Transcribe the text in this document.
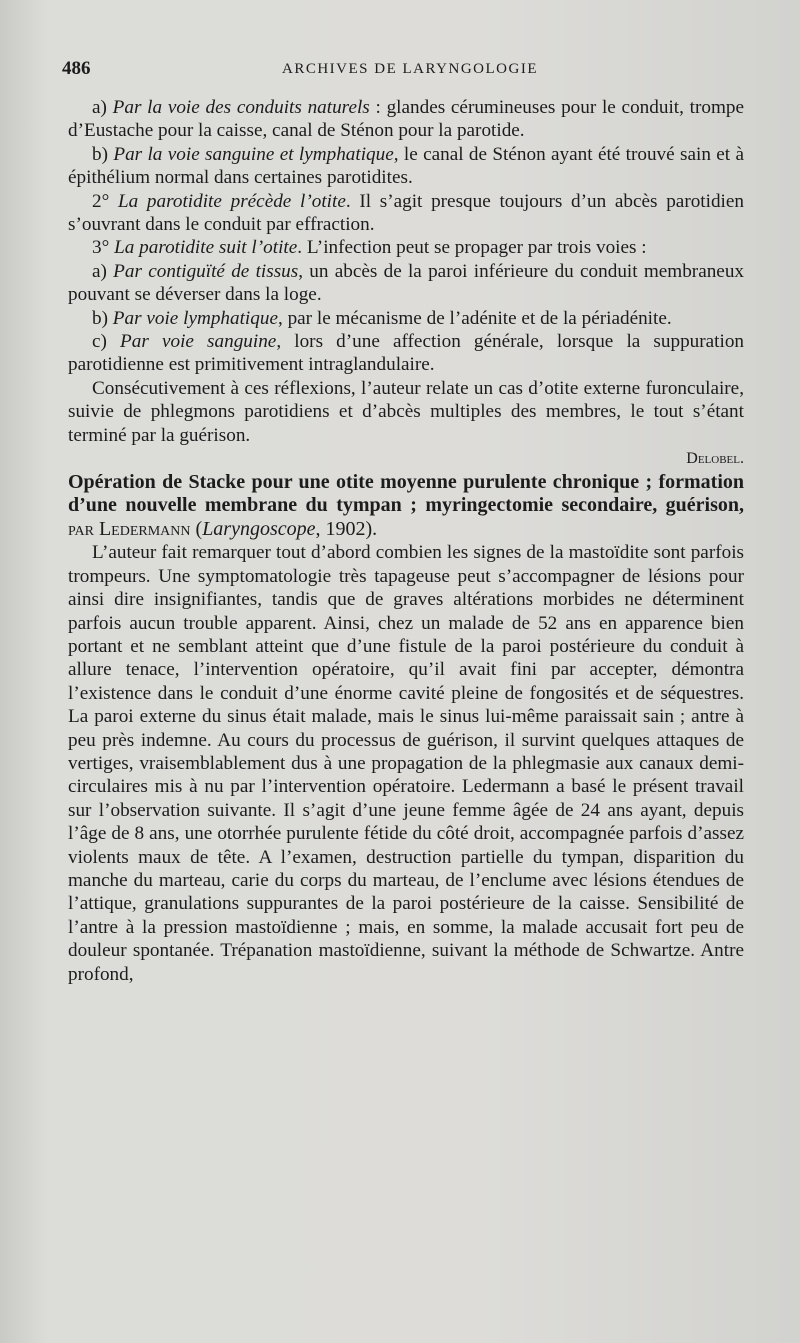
486	ARCHIVES DE LARYNGOLOGIE

a) Par la voie des conduits naturels : glandes cérumineuses pour le conduit, trompe d’Eustache pour la caisse, canal de Sténon pour la parotide.

b) Par la voie sanguine et lymphatique, le canal de Sténon ayant été trouvé sain et à épithélium normal dans certaines parotidites.

2° La parotidite précède l’otite. Il s’agit presque toujours d’un abcès parotidien s’ouvrant dans le conduit par effraction.

3° La parotidite suit l’otite. L’infection peut se propager par trois voies :

a) Par contiguïté de tissus, un abcès de la paroi inférieure du conduit membraneux pouvant se déverser dans la loge.

b) Par voie lymphatique, par le mécanisme de l’adénite et de la périadénite.

c) Par voie sanguine, lors d’une affection générale, lorsque la suppuration parotidienne est primitivement intraglandulaire.

Consécutivement à ces réflexions, l’auteur relate un cas d’otite externe furonculaire, suivie de phlegmons parotidiens et d’abcès multiples des membres, le tout s’étant terminé par la guérison.

Delobel.

Opération de Stacke pour une otite moyenne purulente chronique ; formation d’une nouvelle membrane du tympan ; myringectomie secondaire, guérison, par Ledermann (Laryngoscope, 1902).

L’auteur fait remarquer tout d’abord combien les signes de la mastoïdite sont parfois trompeurs. Une symptomatologie très tapageuse peut s’accompagner de lésions pour ainsi dire insignifiantes, tandis que de graves altérations morbides ne déterminent parfois aucun trouble apparent. Ainsi, chez un malade de 52 ans en apparence bien portant et ne semblant atteint que d’une fistule de la paroi postérieure du conduit à allure tenace, l’intervention opératoire, qu’il avait fini par accepter, démontra l’existence dans le conduit d’une énorme cavité pleine de fongosités et de séquestres. La paroi externe du sinus était malade, mais le sinus lui-même paraissait sain ; antre à peu près indemne. Au cours du processus de guérison, il survint quelques attaques de vertiges, vraisemblablement dus à une propagation de la phlegmasie aux canaux demi-circulaires mis à nu par l’intervention opératoire. Ledermann a basé le présent travail sur l’observation suivante. Il s’agit d’une jeune femme âgée de 24 ans ayant, depuis l’âge de 8 ans, une otorrhée purulente fétide du côté droit, accompagnée parfois d’assez violents maux de tête. A l’examen, destruction partielle du tympan, disparition du manche du marteau, carie du corps du marteau, de l’enclume avec lésions étendues de l’attique, granulations suppurantes de la paroi postérieure de la caisse. Sensibilité de l’antre à la pression mastoïdienne ; mais, en somme, la malade accusait fort peu de douleur spontanée. Trépanation mastoïdienne, suivant la méthode de Schwartze. Antre profond,
